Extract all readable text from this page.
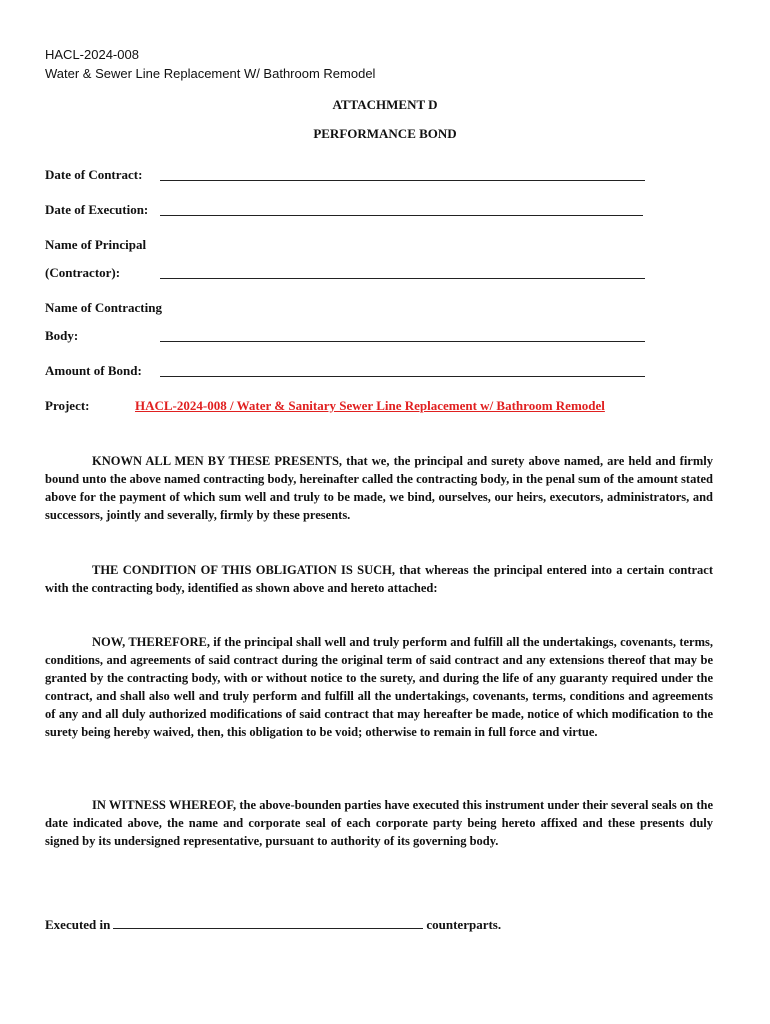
HACL-2024-008
Water & Sewer Line Replacement W/ Bathroom Remodel
ATTACHMENT D
PERFORMANCE BOND
Date of Contract:
Date of Execution:
Name of Principal
(Contractor):
Name of Contracting
Body:
Amount of Bond:
Project:	HACL-2024-008 / Water & Sanitary Sewer Line Replacement w/ Bathroom Remodel
KNOWN ALL MEN BY THESE PRESENTS, that we, the principal and surety above named, are held and firmly bound unto the above named contracting body, hereinafter called the contracting body, in the penal sum of the amount stated above for the payment of which sum well and truly to be made, we bind, ourselves, our heirs, executors, administrators, and successors, jointly and severally, firmly by these presents.
THE CONDITION OF THIS OBLIGATION IS SUCH, that whereas the principal entered into a certain contract with the contracting body, identified as shown above and hereto attached:
NOW, THEREFORE, if the principal shall well and truly perform and fulfill all the undertakings, covenants, terms, conditions, and agreements of said contract during the original term of said contract and any extensions thereof that may be granted by the contracting body, with or without notice to the surety, and during the life of any guaranty required under the contract, and shall also well and truly perform and fulfill all the undertakings, covenants, terms, conditions and agreements of any and all duly authorized modifications of said contract that may hereafter be made, notice of which modification to the surety being hereby waived, then, this obligation to be void; otherwise to remain in full force and virtue.
IN WITNESS WHEREOF, the above-bounden parties have executed this instrument under their several seals on the date indicated above, the name and corporate seal of each corporate party being hereto affixed and these presents duly signed by its undersigned representative, pursuant to authority of its governing body.
Executed in	counterparts.
